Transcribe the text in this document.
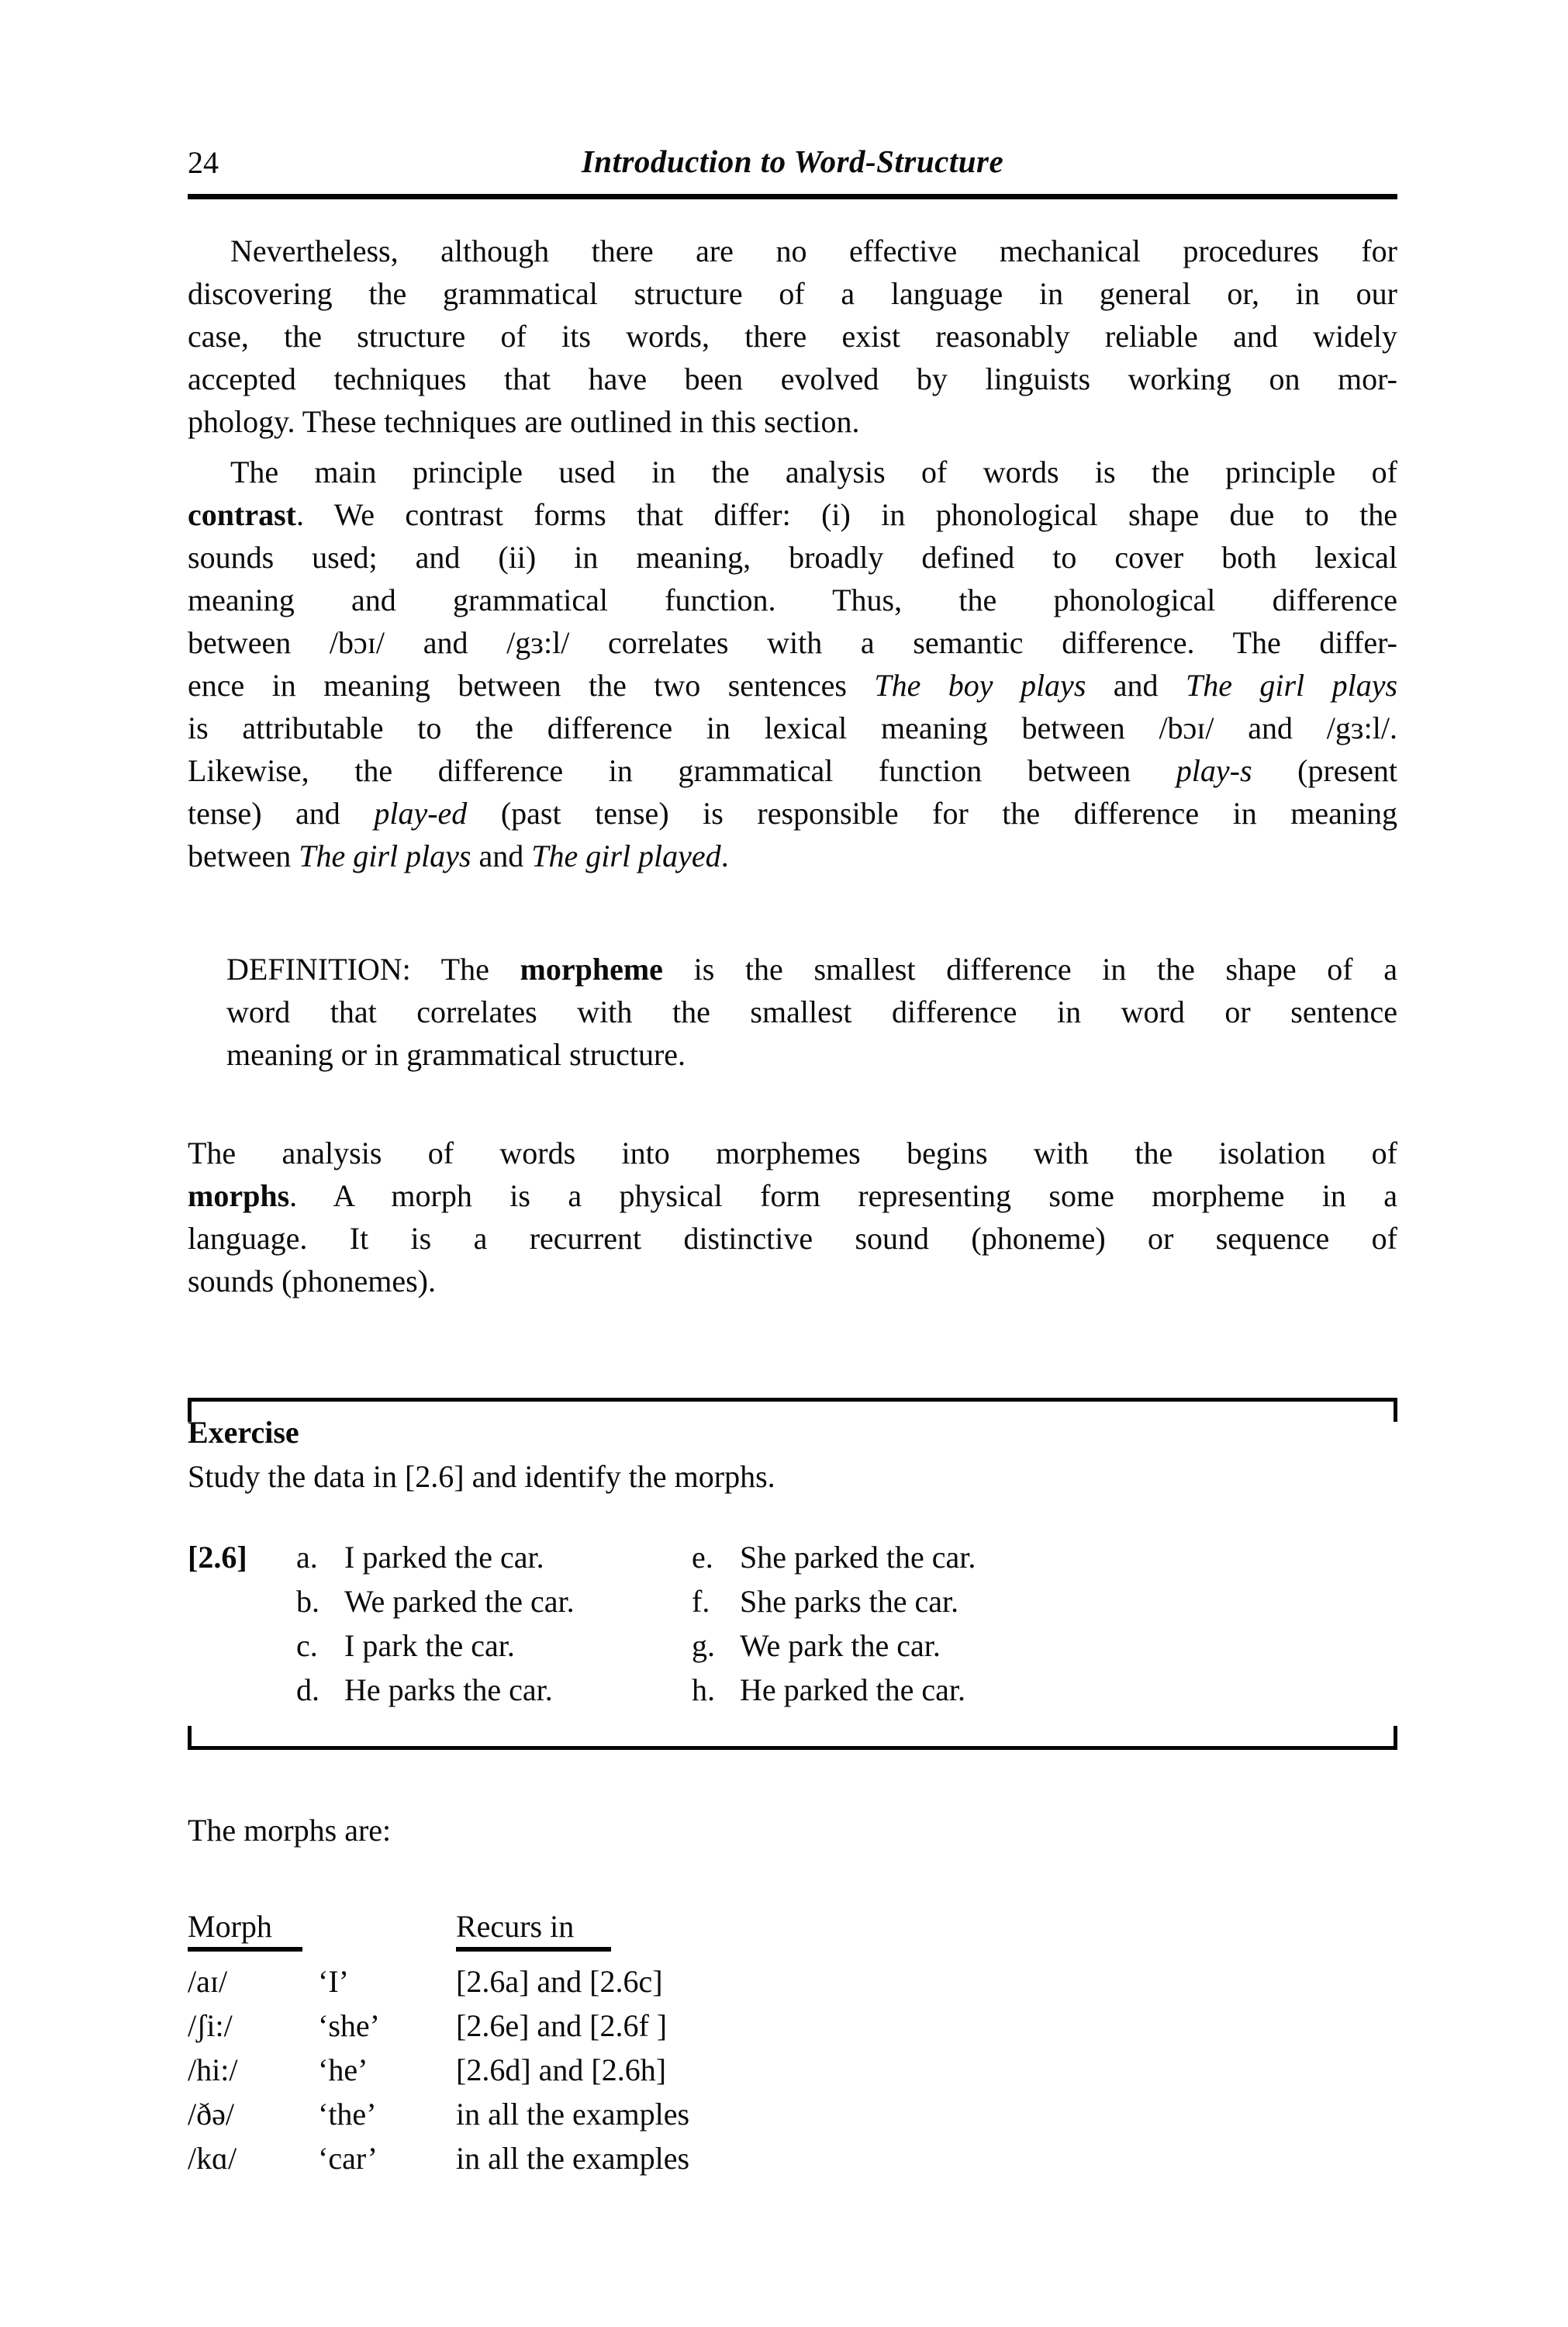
24	Introduction to Word-Structure
Nevertheless, although there are no effective mechanical procedures for
discovering the grammatical structure of a language in general or, in our
case, the structure of its words, there exist reasonably reliable and widely
accepted techniques that have been evolved by linguists working on mor-
phology. These techniques are outlined in this section.
The main principle used in the analysis of words is the principle of
contrast. We contrast forms that differ: (i) in phonological shape due to the
sounds used; and (ii) in meaning, broadly defined to cover both lexical
meaning and grammatical function. Thus, the phonological difference
between /bɔɪ/ and /gɜ:l/ correlates with a semantic difference. The differ-
ence in meaning between the two sentences The boy plays and The girl plays
is attributable to the difference in lexical meaning between /bɔɪ/ and /gɜ:l/.
Likewise, the difference in grammatical function between play-s (present
tense) and play-ed (past tense) is responsible for the difference in meaning
between The girl plays and The girl played.
DEFINITION: The morpheme is the smallest difference in the shape of a
word that correlates with the smallest difference in word or sentence
meaning or in grammatical structure.
The analysis of words into morphemes begins with the isolation of
morphs. A morph is a physical form representing some morpheme in a
language. It is a recurrent distinctive sound (phoneme) or sequence of
sounds (phonemes).
Exercise
Study the data in [2.6] and identify the morphs.
[2.6]	a. I parked the car.	e. She parked the car.
b. We parked the car.	f. She parks the car.
c. I park the car.	g. We park the car.
d. He parks the car.	h. He parked the car.
The morphs are:
Morph	Recurs in
/aɪ/	‘I’	[2.6a] and [2.6c]
/ʃi:/	‘she’	[2.6e] and [2.6f ]
/hi:/	‘he’	[2.6d] and [2.6h]
/ðə/	‘the’	in all the examples
/kɑ/	‘car’	in all the examples
